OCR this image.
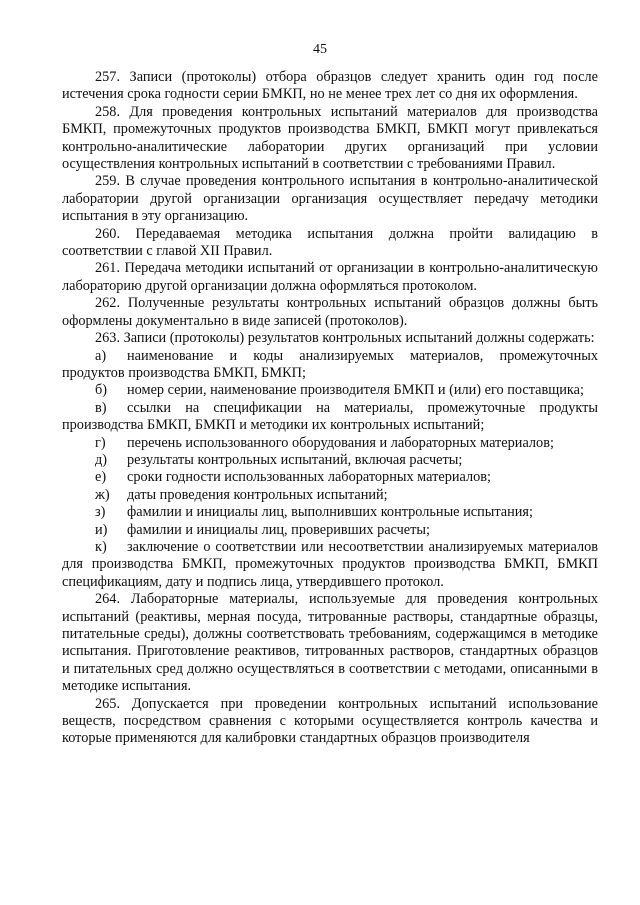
45

257. Записи (протоколы) отбора образцов следует хранить один год после истечения срока годности серии БМКП, но не менее трех лет со дня их оформления.

258. Для проведения контрольных испытаний материалов для производства БМКП, промежуточных продуктов производства БМКП, БМКП могут привлекаться контрольно-аналитические лаборатории других организаций при условии осуществления контрольных испытаний в соответствии с требованиями Правил.

259. В случае проведения контрольного испытания в контрольно-аналитической лаборатории другой организации организация осуществляет передачу методики испытания в эту организацию.

260. Передаваемая методика испытания должна пройти валидацию в соответствии с главой XII Правил.

261. Передача методики испытаний от организации в контрольно-аналитическую лабораторию другой организации должна оформляться протоколом.

262. Полученные результаты контрольных испытаний образцов должны быть оформлены документально в виде записей (протоколов).

263. Записи (протоколы) результатов контрольных испытаний должны содержать:

а) наименование и коды анализируемых материалов, промежуточных продуктов производства БМКП, БМКП;

б) номер серии, наименование производителя БМКП и (или) его поставщика;

в) ссылки на спецификации на материалы, промежуточные продукты производства БМКП, БМКП и методики их контрольных испытаний;

г) перечень использованного оборудования и лабораторных материалов;

д) результаты контрольных испытаний, включая расчеты;

е) сроки годности использованных лабораторных материалов;

ж) даты проведения контрольных испытаний;

з) фамилии и инициалы лиц, выполнивших контрольные испытания;

и) фамилии и инициалы лиц, проверивших расчеты;

к) заключение о соответствии или несоответствии анализируемых материалов для производства БМКП, промежуточных продуктов производства БМКП, БМКП спецификациям, дату и подпись лица, утвердившего протокол.

264. Лабораторные материалы, используемые для проведения контрольных испытаний (реактивы, мерная посуда, титрованные растворы, стандартные образцы, питательные среды), должны соответствовать требованиям, содержащимся в методике испытания. Приготовление реактивов, титрованных растворов, стандартных образцов и питательных сред должно осуществляться в соответствии с методами, описанными в методике испытания.

265. Допускается при проведении контрольных испытаний использование веществ, посредством сравнения с которыми осуществляется контроль качества и которые применяются для калибровки стандартных образцов производителя
